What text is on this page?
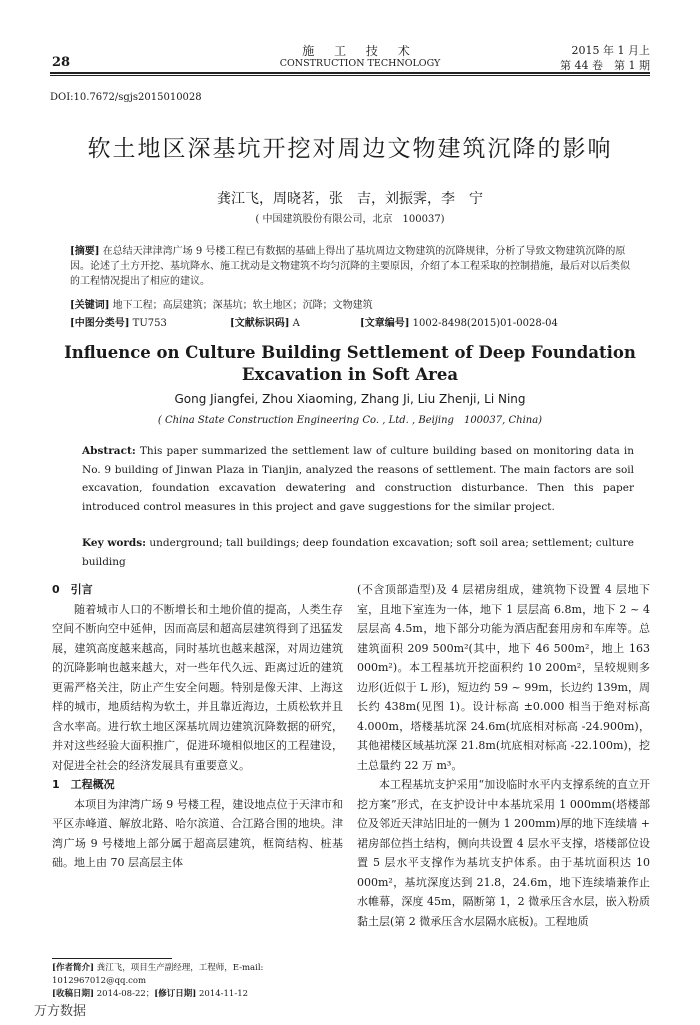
28
施 工 技 术
CONSTRUCTION TECHNOLOGY
2015 年 1 月上
第 44 卷　第 1 期
DOI:10.7672/sgjs2015010028
软土地区深基坑开挖对周边文物建筑沉降的影响
龚江飞，周晓茗，张　吉，刘振霁，李　宁
( 中国建筑股份有限公司，北京　100037)
[摘要] 在总结天津津湾广场 9 号楼工程已有数据的基础上得出了基坑周边文物建筑的沉降规律，分析了导致文物建筑沉降的原因。论述了土方开挖、基坑降水、施工扰动是文物建筑不均匀沉降的主要原因，介绍了本工程采取的控制措施，最后对以后类似的工程情况提出了相应的建议。
[关键词] 地下工程；高层建筑；深基坑；软土地区；沉降；文物建筑
[中图分类号] TU753	[文献标识码] A	[文章编号] 1002-8498(2015)01-0028-04
Influence on Culture Building Settlement of Deep Foundation Excavation in Soft Area
Gong Jiangfei, Zhou Xiaoming, Zhang Ji, Liu Zhenji, Li Ning
( China State Construction Engineering Co. , Ltd. , Beijing　100037, China)
Abstract: This paper summarized the settlement law of culture building based on monitoring data in No. 9 building of Jinwan Plaza in Tianjin, analyzed the reasons of settlement. The main factors are soil excavation, foundation excavation dewatering and construction disturbance. Then this paper introduced control measures in this project and gave suggestions for the similar project.
Key words: underground; tall buildings; deep foundation excavation; soft soil area; settlement; culture building

0　引言

随着城市人口的不断增长和土地价值的提高，人类生存空间不断向空中延伸，因而高层和超高层建筑得到了迅猛发展，建筑高度越来越高，同时基坑也越来越深，对周边建筑的沉降影响也越来越大，对一些年代久远、距离过近的建筑更需严格关注，防止产生安全问题。特别是像天津、上海这样的城市，地质结构为软土，并且靠近海边，土质松软并且含水率高。进行软土地区深基坑周边建筑沉降数据的研究，并对这些经验大面积推广，促进环境相似地区的工程建设，对促进全社会的经济发展具有重要意义。

1　工程概况

本项目为津湾广场 9 号楼工程，建设地点位于天津市和平区赤峰道、解放北路、哈尔滨道、合江路合围的地块。津湾广场 9 号楼地上部分属于超高层建筑，框筒结构、桩基础。地上由 70 层高层主体

(不含顶部造型)及 4 层裙房组成，建筑物下设置 4 层地下室，且地下室连为一体，地下 1 层层高 6.8m，地下 2 ~ 4 层层高 4.5m，地下部分功能为酒店配套用房和车库等。总建筑面积 209 500m²(其中，地下 46 500m²，地上 163 000m²)。本工程基坑开挖面积约 10 200m²，呈较规则多边形(近似于 L 形)，短边约 59 ~ 99m，长边约 139m，周长约 438m(见图 1)。设计标高 ±0.000 相当于绝对标高 4.000m，塔楼基坑深 24.6m(坑底相对标高 -24.900m)，其他裙楼区域基坑深 21.8m(坑底相对标高 -22.100m)，挖土总量约 22 万 m³。

本工程基坑支护采用“加设临时水平内支撑系统的直立开挖方案”形式，在支护设计中本基坑采用 1 000mm(塔楼部位及邻近天津站旧址的一侧为 1 200mm)厚的地下连续墙 + 裙房部位挡土结构，侧向共设置 4 层水平支撑，塔楼部位设置 5 层水平支撑作为基坑支护体系。由于基坑面积达 10 000m²，基坑深度达到 21.8，24.6m，地下连续墙兼作止水帷幕，深度 45m，隔断第 1，2 微承压含水层，嵌入粉质黏土层(第 2 微承压含水层隔水底板)。工程地质

[作者简介] 龚江飞，项目生产副经理，工程师，E-mail: 1012967012@qq.com
[收稿日期] 2014-08-22；[修订日期] 2014-11-12
万方数据
